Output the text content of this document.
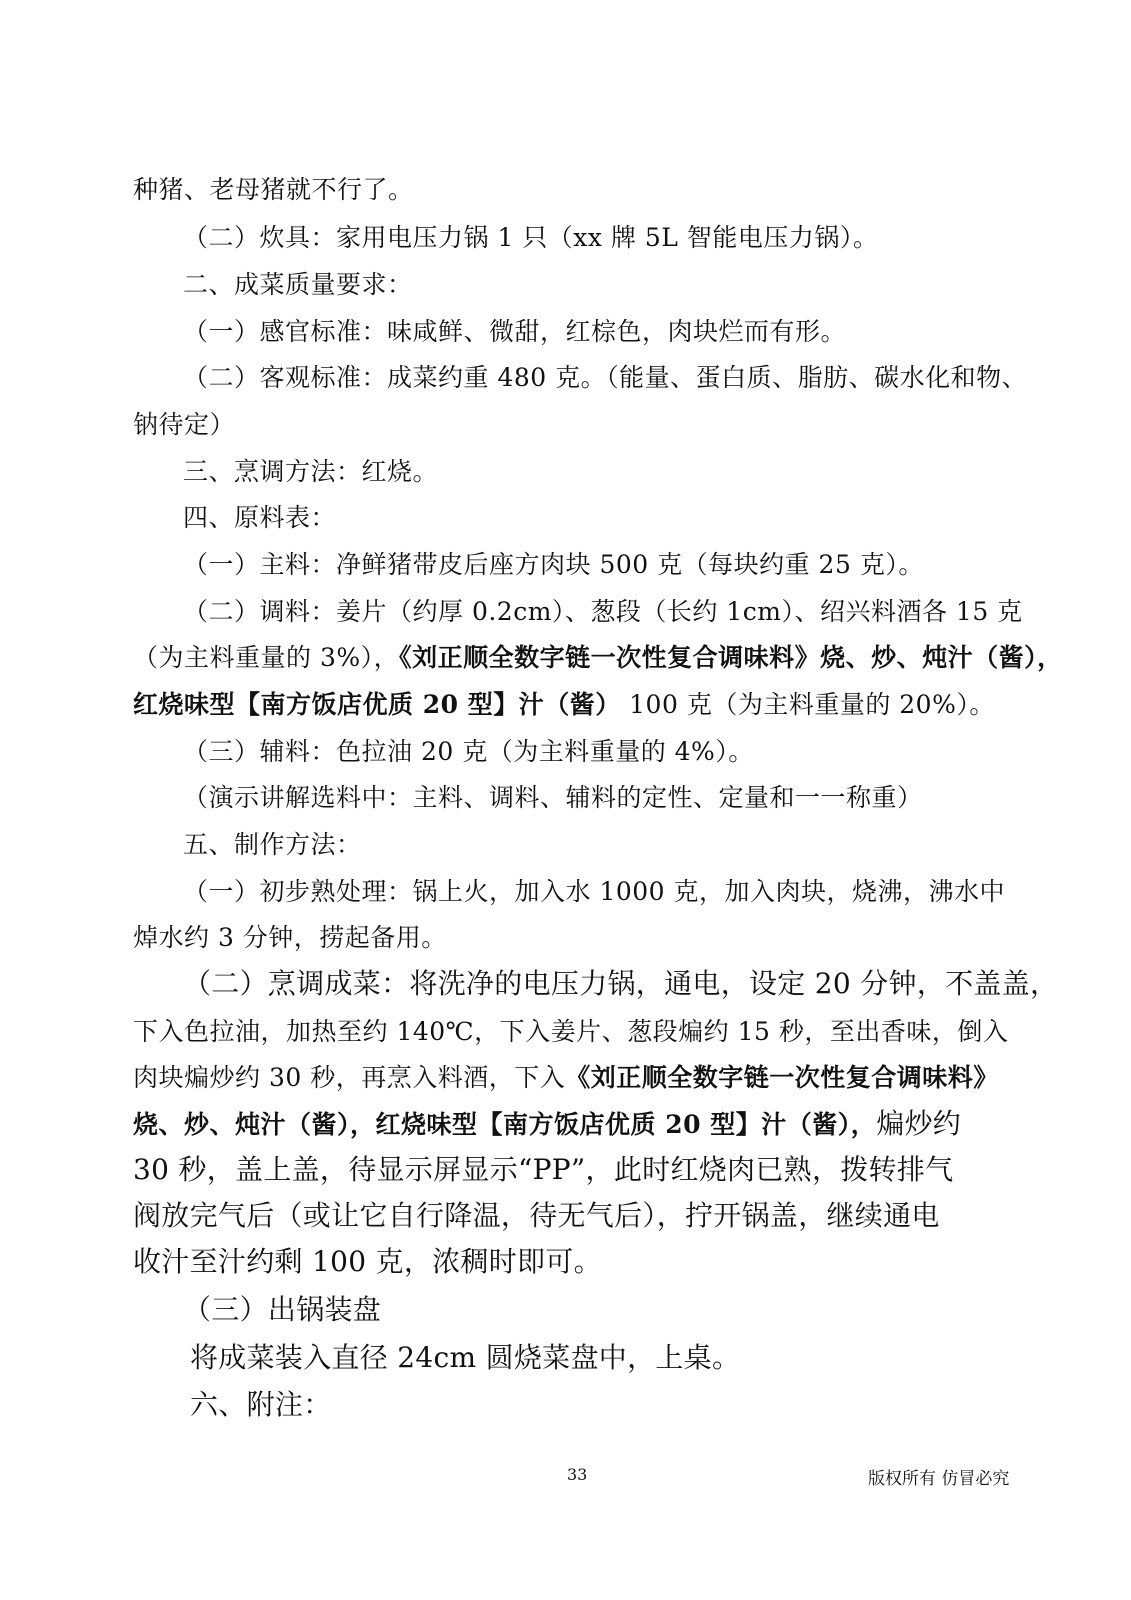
种猪、老母猪就不行了。
（二）炊具：家用电压力锅 1 只（xx 牌 5L 智能电压力锅）。
二、成菜质量要求：
（一）感官标准：味咸鲜、微甜，红棕色，肉块烂而有形。
（二）客观标准：成菜约重 480 克。（能量、蛋白质、脂肪、碳水化和物、
钠待定）
三、烹调方法：红烧。
四、原料表：
（一）主料：净鲜猪带皮后座方肉块 500 克（每块约重 25 克）。
（二）调料：姜片（约厚 0.2cm）、葱段（长约 1cm）、绍兴料酒各 15 克
（为主料重量的 3%），《刘正顺全数字链一次性复合调味料》烧、炒、炖汁（酱），
红烧味型【南方饭店优质 20 型】汁（酱） 100 克（为主料重量的 20%）。
（三）辅料：色拉油 20 克（为主料重量的 4%）。
（演示讲解选料中：主料、调料、辅料的定性、定量和一一称重）
五、制作方法：
（一）初步熟处理：锅上火，加入水 1000 克，加入肉块，烧沸，沸水中
焯水约 3 分钟，捞起备用。
（二）烹调成菜：将洗净的电压力锅，通电，设定 20 分钟，不盖盖，
下入色拉油，加热至约 140℃，下入姜片、葱段煸约 15 秒，至出香味，倒入
肉块煸炒约 30 秒，再烹入料酒，下入《刘正顺全数字链一次性复合调味料》
烧、炒、炖汁（酱），红烧味型【南方饭店优质 20 型】汁（酱），煸炒约
30 秒，盖上盖，待显示屏显示“PP”，此时红烧肉已熟，拨转排气
阀放完气后（或让它自行降温，待无气后），拧开锅盖，继续通电
收汁至汁约剩 100 克，浓稠时即可。
（三）出锅装盘
将成菜装入直径 24cm 圆烧菜盘中，上桌。
六、附注：
33	版权所有 仿冒必究
